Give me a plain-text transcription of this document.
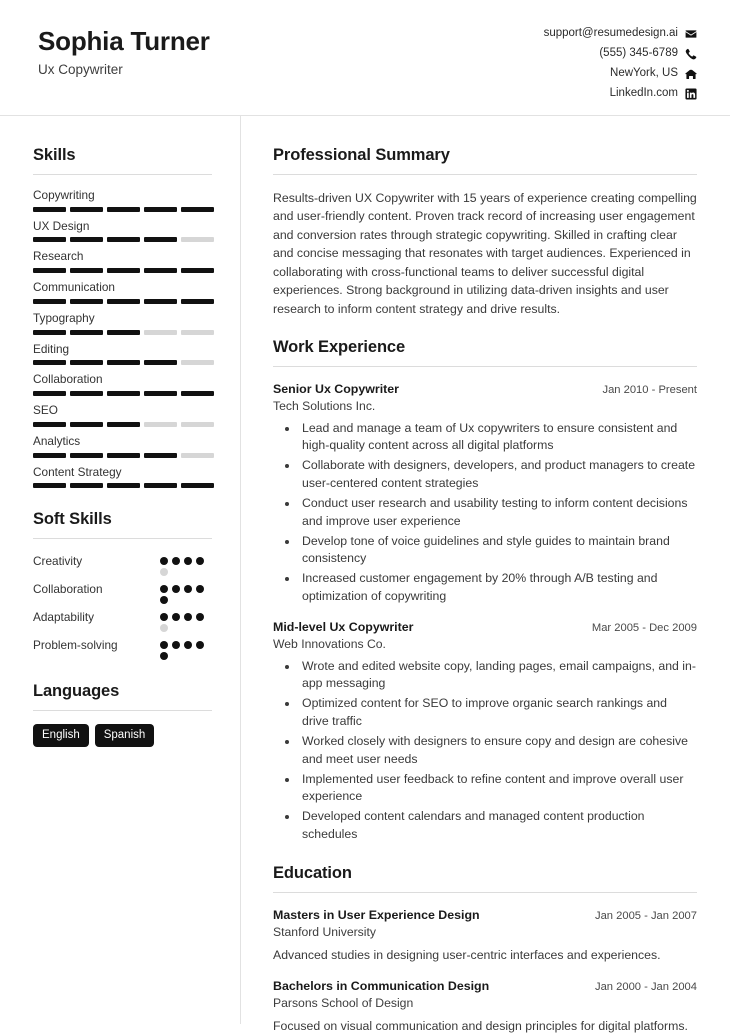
Sophia Turner
Ux Copywriter
support@resumedesign.ai
(555) 345-6789
NewYork, US
LinkedIn.com
Skills
Copywriting
UX Design
Research
Communication
Typography
Editing
Collaboration
SEO
Analytics
Content Strategy
Soft Skills
Creativity
Collaboration
Adaptability
Problem-solving
Languages
English	Spanish
Professional Summary

Results-driven UX Copywriter with 15 years of experience creating compelling and user-friendly content. Proven track record of increasing user engagement and conversion rates through strategic copywriting. Skilled in crafting clear and concise messaging that resonates with target audiences. Experienced in collaborating with cross-functional teams to deliver successful digital experiences. Strong background in utilizing data-driven insights and user research to inform content strategy and drive results.

Work Experience
Senior Ux Copywriter	Jan 2010 - Present
Tech Solutions Inc.
• Lead and manage a team of Ux copywriters to ensure consistent and high-quality content across all digital platforms
• Collaborate with designers, developers, and product managers to create user-centered content strategies
• Conduct user research and usability testing to inform content decisions and improve user experience
• Develop tone of voice guidelines and style guides to maintain brand consistency
• Increased customer engagement by 20% through A/B testing and optimization of copywriting
Mid-level Ux Copywriter	Mar 2005 - Dec 2009
Web Innovations Co.
• Wrote and edited website copy, landing pages, email campaigns, and in-app messaging
• Optimized content for SEO to improve organic search rankings and drive traffic
• Worked closely with designers to ensure copy and design are cohesive and meet user needs
• Implemented user feedback to refine content and improve overall user experience
• Developed content calendars and managed content production schedules
Education
Masters in User Experience Design	Jan 2005 - Jan 2007
Stanford University
Advanced studies in designing user-centric interfaces and experiences.
Bachelors in Communication Design	Jan 2000 - Jan 2004
Parsons School of Design
Focused on visual communication and design principles for digital platforms.
